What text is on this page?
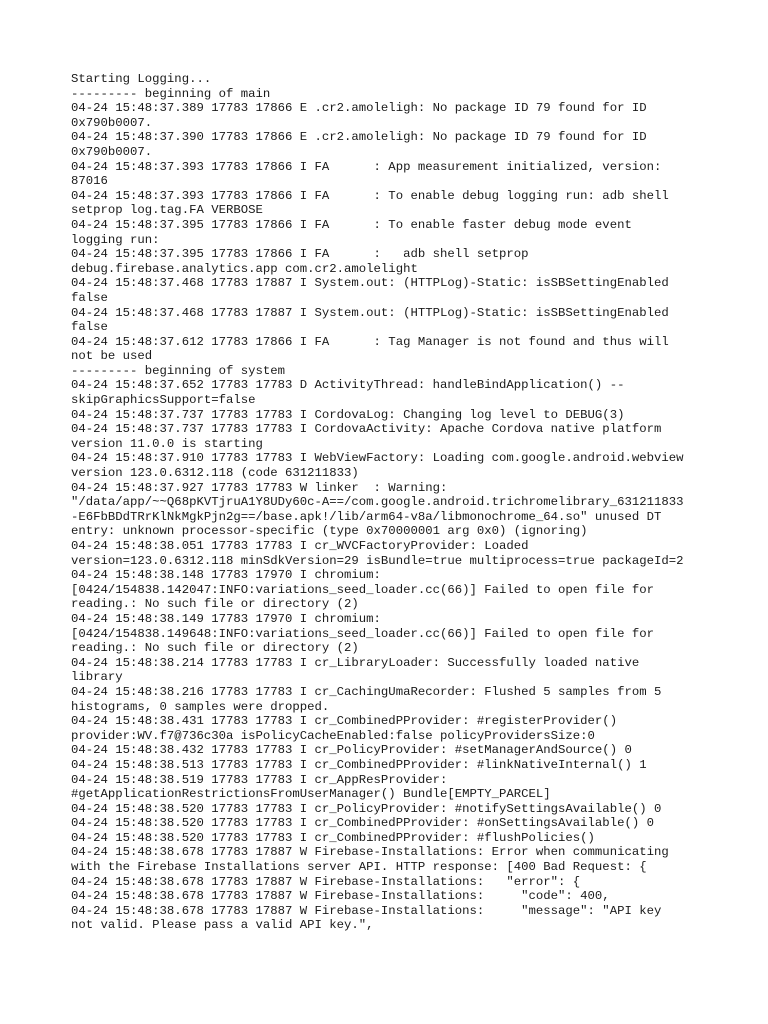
Starting Logging...
--------- beginning of main
04-24 15:48:37.389 17783 17866 E .cr2.amoleligh: No package ID 79 found for ID
0x790b0007.
04-24 15:48:37.390 17783 17866 E .cr2.amoleligh: No package ID 79 found for ID
0x790b0007.
04-24 15:48:37.393 17783 17866 I FA      : App measurement initialized, version:
87016
04-24 15:48:37.393 17783 17866 I FA      : To enable debug logging run: adb shell
setprop log.tag.FA VERBOSE
04-24 15:48:37.395 17783 17866 I FA      : To enable faster debug mode event
logging run:
04-24 15:48:37.395 17783 17866 I FA      :   adb shell setprop
debug.firebase.analytics.app com.cr2.amolelight
04-24 15:48:37.468 17783 17887 I System.out: (HTTPLog)-Static: isSBSettingEnabled
false
04-24 15:48:37.468 17783 17887 I System.out: (HTTPLog)-Static: isSBSettingEnabled
false
04-24 15:48:37.612 17783 17866 I FA      : Tag Manager is not found and thus will
not be used
--------- beginning of system
04-24 15:48:37.652 17783 17783 D ActivityThread: handleBindApplication() --
skipGraphicsSupport=false
04-24 15:48:37.737 17783 17783 I CordovaLog: Changing log level to DEBUG(3)
04-24 15:48:37.737 17783 17783 I CordovaActivity: Apache Cordova native platform
version 11.0.0 is starting
04-24 15:48:37.910 17783 17783 I WebViewFactory: Loading com.google.android.webview
version 123.0.6312.118 (code 631211833)
04-24 15:48:37.927 17783 17783 W linker  : Warning:
"/data/app/~~Q68pKVTjruA1Y8UDy60c-A==/com.google.android.trichromelibrary_631211833
-E6FbBDdTRrKlNkMgkPjn2g==/base.apk!/lib/arm64-v8a/libmonochrome_64.so" unused DT
entry: unknown processor-specific (type 0x70000001 arg 0x0) (ignoring)
04-24 15:48:38.051 17783 17783 I cr_WVCFactoryProvider: Loaded
version=123.0.6312.118 minSdkVersion=29 isBundle=true multiprocess=true packageId=2
04-24 15:48:38.148 17783 17970 I chromium:
[0424/154838.142047:INFO:variations_seed_loader.cc(66)] Failed to open file for
reading.: No such file or directory (2)
04-24 15:48:38.149 17783 17970 I chromium:
[0424/154838.149648:INFO:variations_seed_loader.cc(66)] Failed to open file for
reading.: No such file or directory (2)
04-24 15:48:38.214 17783 17783 I cr_LibraryLoader: Successfully loaded native
library
04-24 15:48:38.216 17783 17783 I cr_CachingUmaRecorder: Flushed 5 samples from 5
histograms, 0 samples were dropped.
04-24 15:48:38.431 17783 17783 I cr_CombinedPProvider: #registerProvider()
provider:WV.f7@736c30a isPolicyCacheEnabled:false policyProvidersSize:0
04-24 15:48:38.432 17783 17783 I cr_PolicyProvider: #setManagerAndSource() 0
04-24 15:48:38.513 17783 17783 I cr_CombinedPProvider: #linkNativeInternal() 1
04-24 15:48:38.519 17783 17783 I cr_AppResProvider:
#getApplicationRestrictionsFromUserManager() Bundle[EMPTY_PARCEL]
04-24 15:48:38.520 17783 17783 I cr_PolicyProvider: #notifySettingsAvailable() 0
04-24 15:48:38.520 17783 17783 I cr_CombinedPProvider: #onSettingsAvailable() 0
04-24 15:48:38.520 17783 17783 I cr_CombinedPProvider: #flushPolicies()
04-24 15:48:38.678 17783 17887 W Firebase-Installations: Error when communicating
with the Firebase Installations server API. HTTP response: [400 Bad Request: {
04-24 15:48:38.678 17783 17887 W Firebase-Installations:   "error": {
04-24 15:48:38.678 17783 17887 W Firebase-Installations:     "code": 400,
04-24 15:48:38.678 17783 17887 W Firebase-Installations:     "message": "API key
not valid. Please pass a valid API key.",
